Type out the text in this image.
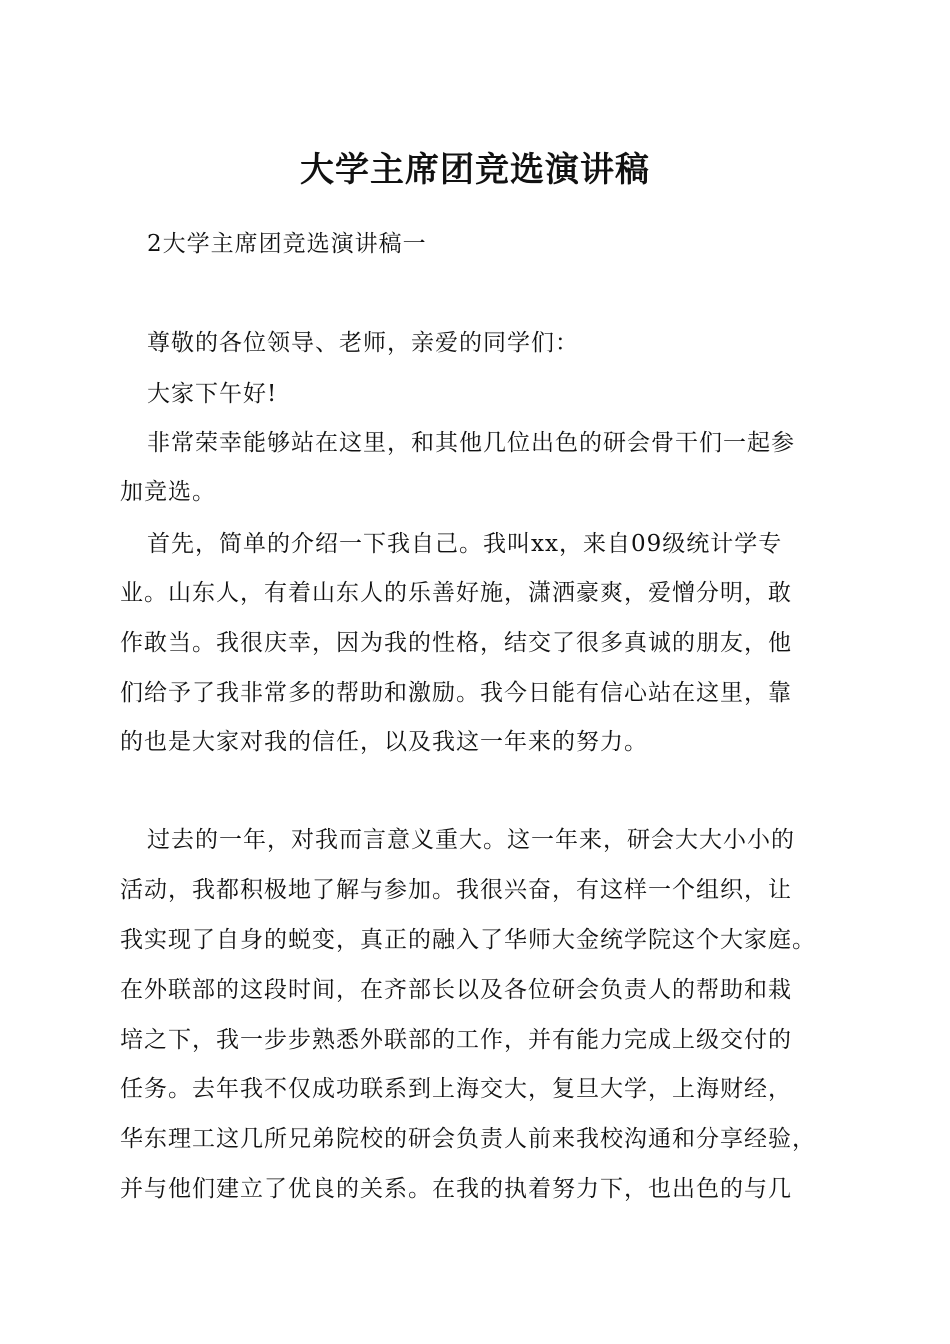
大学主席团竞选演讲稿
2大学主席团竞选演讲稿一
尊敬的各位领导、老师，亲爱的同学们：
大家下午好!
非常荣幸能够站在这里，和其他几位出色的研会骨干们一起参
加竞选。
首先，简单的介绍一下我自己。我叫xx，来自09级统计学专
业。山东人，有着山东人的乐善好施，潇洒豪爽，爱憎分明，敢
作敢当。我很庆幸，因为我的性格，结交了很多真诚的朋友，他
们给予了我非常多的帮助和激励。我今日能有信心站在这里，靠
的也是大家对我的信任，以及我这一年来的努力。
过去的一年，对我而言意义重大。这一年来，研会大大小小的
活动，我都积极地了解与参加。我很兴奋，有这样一个组织，让
我实现了自身的蜕变，真正的融入了华师大金统学院这个大家庭。
在外联部的这段时间，在齐部长以及各位研会负责人的帮助和栽
培之下，我一步步熟悉外联部的工作，并有能力完成上级交付的
任务。去年我不仅成功联系到上海交大，复旦大学，上海财经，
华东理工这几所兄弟院校的研会负责人前来我校沟通和分享经验，
并与他们建立了优良的关系。在我的执着努力下，也出色的与几
